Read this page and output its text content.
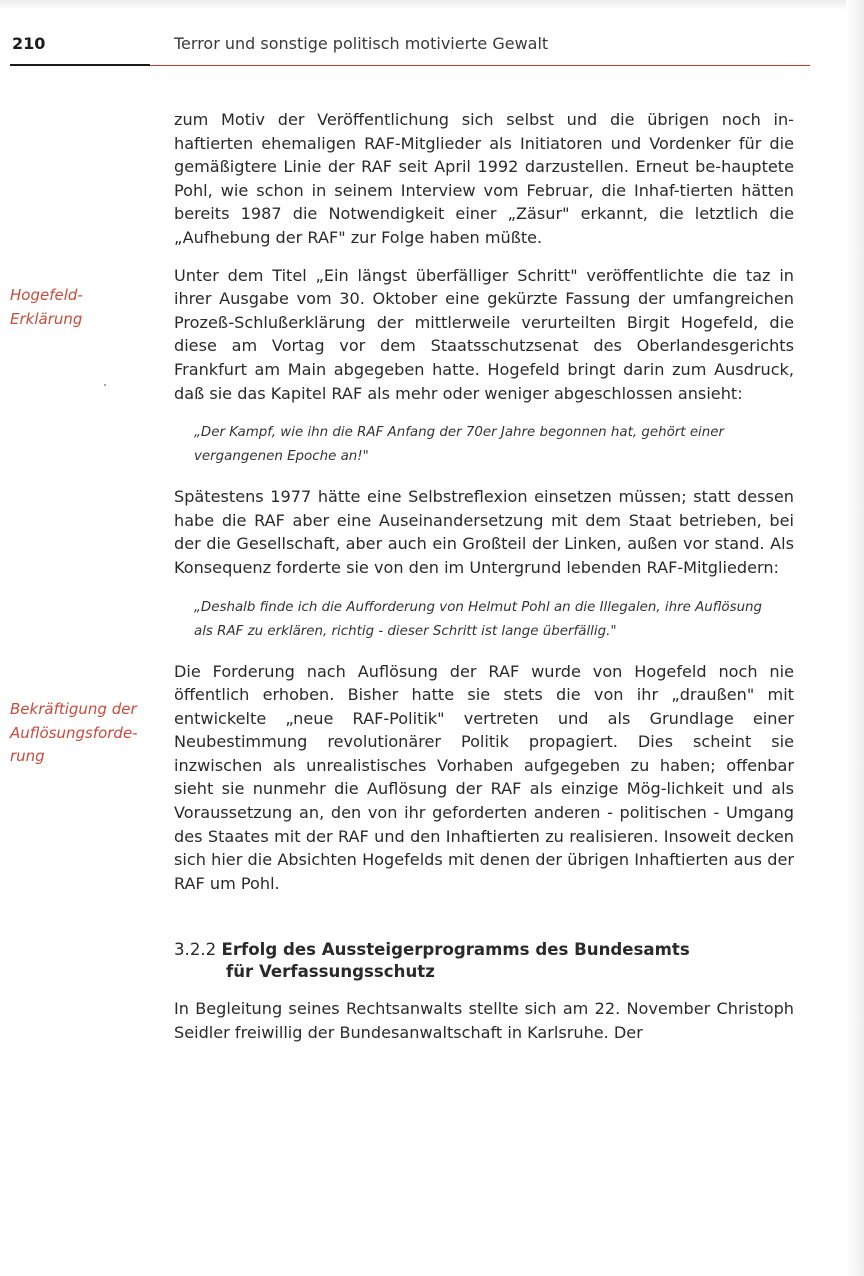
210	Terror und sonstige politisch motivierte Gewalt
Hogefeld-
Erklärung
Bekräftigung der
Auflösungsforde-
rung

zum Motiv der Veröffentlichung sich selbst und die übrigen noch in-haftierten ehemaligen RAF-Mitglieder als Initiatoren und Vordenker für die gemäßigtere Linie der RAF seit April 1992 darzustellen. Erneut be-hauptete Pohl, wie schon in seinem Interview vom Februar, die Inhaf-tierten hätten bereits 1987 die Notwendigkeit einer „Zäsur" erkannt, die letztlich die „Aufhebung der RAF" zur Folge haben müßte.

Unter dem Titel „Ein längst überfälliger Schritt" veröffentlichte die taz in ihrer Ausgabe vom 30. Oktober eine gekürzte Fassung der umfangreichen Prozeß-Schlußerklärung der mittlerweile verurteilten Birgit Hogefeld, die diese am Vortag vor dem Staatsschutzsenat des Oberlandesgerichts Frankfurt am Main abgegeben hatte. Hogefeld bringt darin zum Ausdruck, daß sie das Kapitel RAF als mehr oder weniger abgeschlossen ansieht:

„Der Kampf, wie ihn die RAF Anfang der 70er Jahre begonnen hat, gehört einer vergangenen Epoche an!"

Spätestens 1977 hätte eine Selbstreflexion einsetzen müssen; statt dessen habe die RAF aber eine Auseinandersetzung mit dem Staat betrieben, bei der die Gesellschaft, aber auch ein Großteil der Linken, außen vor stand. Als Konsequenz forderte sie von den im Untergrund lebenden RAF-Mitgliedern:

„Deshalb finde ich die Aufforderung von Helmut Pohl an die Illegalen, ihre Auflösung als RAF zu erklären, richtig - dieser Schritt ist lange überfällig."

Die Forderung nach Auflösung der RAF wurde von Hogefeld noch nie öffentlich erhoben. Bisher hatte sie stets die von ihr „draußen" mit entwickelte „neue RAF-Politik" vertreten und als Grundlage einer Neubestimmung revolutionärer Politik propagiert. Dies scheint sie inzwischen als unrealistisches Vorhaben aufgegeben zu haben; offenbar sieht sie nunmehr die Auflösung der RAF als einzige Mög-lichkeit und als Voraussetzung an, den von ihr geforderten anderen - politischen - Umgang des Staates mit der RAF und den Inhaftierten zu realisieren. Insoweit decken sich hier die Absichten Hogefelds mit denen der übrigen Inhaftierten aus der RAF um Pohl.

3.2.2 Erfolg des Aussteigerprogramms des Bundesamts
für Verfassungsschutz

In Begleitung seines Rechtsanwalts stellte sich am 22. November Christoph Seidler freiwillig der Bundesanwaltschaft in Karlsruhe. Der
